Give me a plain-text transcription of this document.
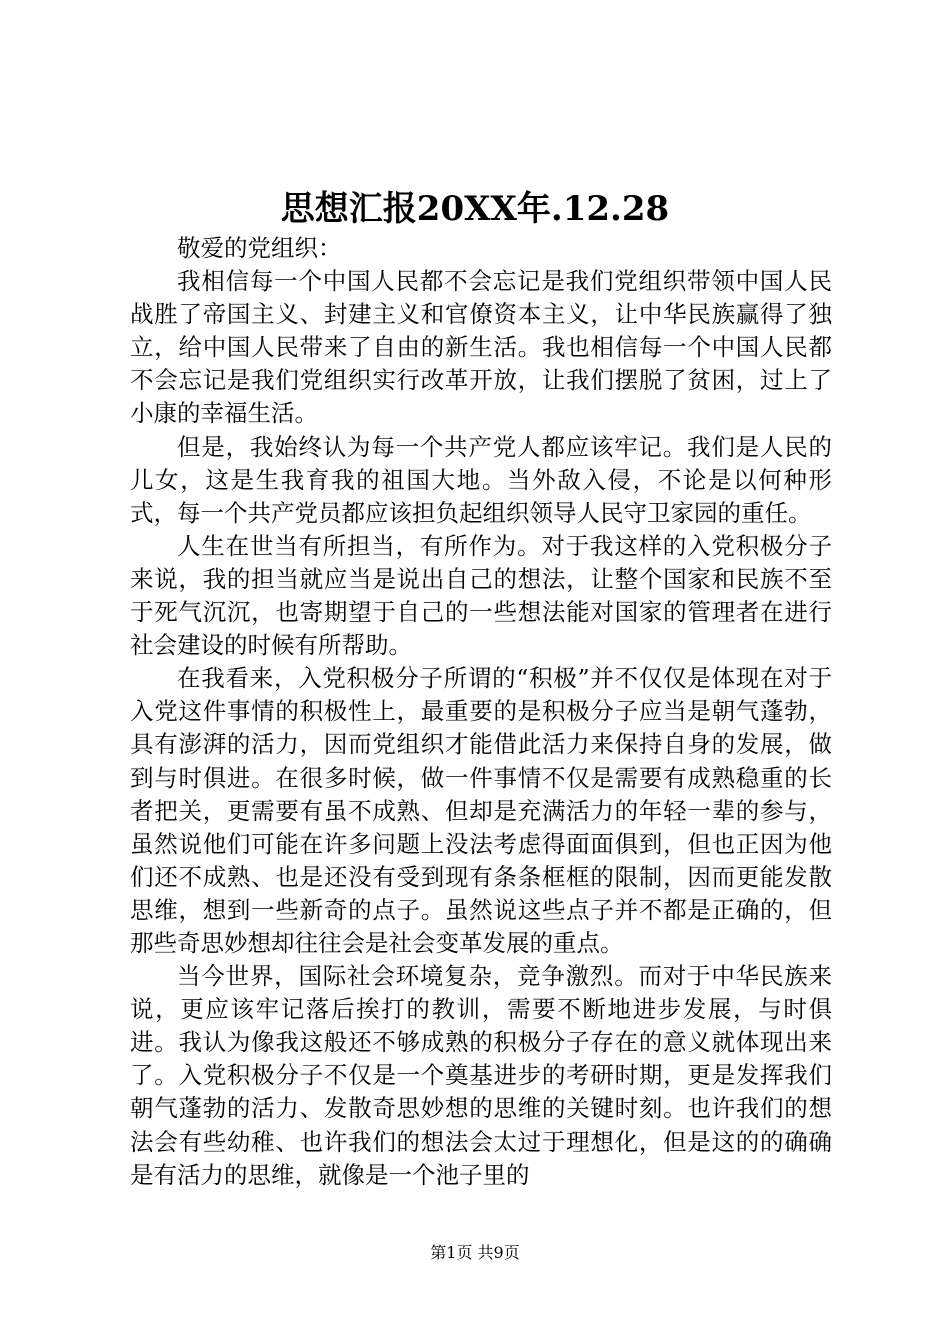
思想汇报20XX年.12.28

敬爱的党组织：

我相信每一个中国人民都不会忘记是我们党组织带领中国人民战胜了帝国主义、封建主义和官僚资本主义，让中华民族赢得了独立，给中国人民带来了自由的新生活。我也相信每一个中国人民都不会忘记是我们党组织实行改革开放，让我们摆脱了贫困，过上了小康的幸福生活。

但是，我始终认为每一个共产党人都应该牢记。我们是人民的儿女，这是生我育我的祖国大地。当外敌入侵，不论是以何种形式，每一个共产党员都应该担负起组织领导人民守卫家园的重任。

人生在世当有所担当，有所作为。对于我这样的入党积极分子来说，我的担当就应当是说出自己的想法，让整个国家和民族不至于死气沉沉，也寄期望于自己的一些想法能对国家的管理者在进行社会建设的时候有所帮助。

在我看来，入党积极分子所谓的“积极”并不仅仅是体现在对于入党这件事情的积极性上，最重要的是积极分子应当是朝气蓬勃，具有澎湃的活力，因而党组织才能借此活力来保持自身的发展，做到与时俱进。在很多时候，做一件事情不仅是需要有成熟稳重的长者把关，更需要有虽不成熟、但却是充满活力的年轻一辈的参与，虽然说他们可能在许多问题上没法考虑得面面俱到，但也正因为他们还不成熟、也是还没有受到现有条条框框的限制，因而更能发散思维，想到一些新奇的点子。虽然说这些点子并不都是正确的，但那些奇思妙想却往往会是社会变革发展的重点。

当今世界，国际社会环境复杂，竞争激烈。而对于中华民族来说，更应该牢记落后挨打的教训，需要不断地进步发展，与时俱进。我认为像我这般还不够成熟的积极分子存在的意义就体现出来了。入党积极分子不仅是一个奠基进步的考研时期，更是发挥我们朝气蓬勃的活力、发散奇思妙想的思维的关键时刻。也许我们的想法会有些幼稚、也许我们的想法会太过于理想化，但是这的的确确是有活力的思维，就像是一个池子里的

第1页 共9页
